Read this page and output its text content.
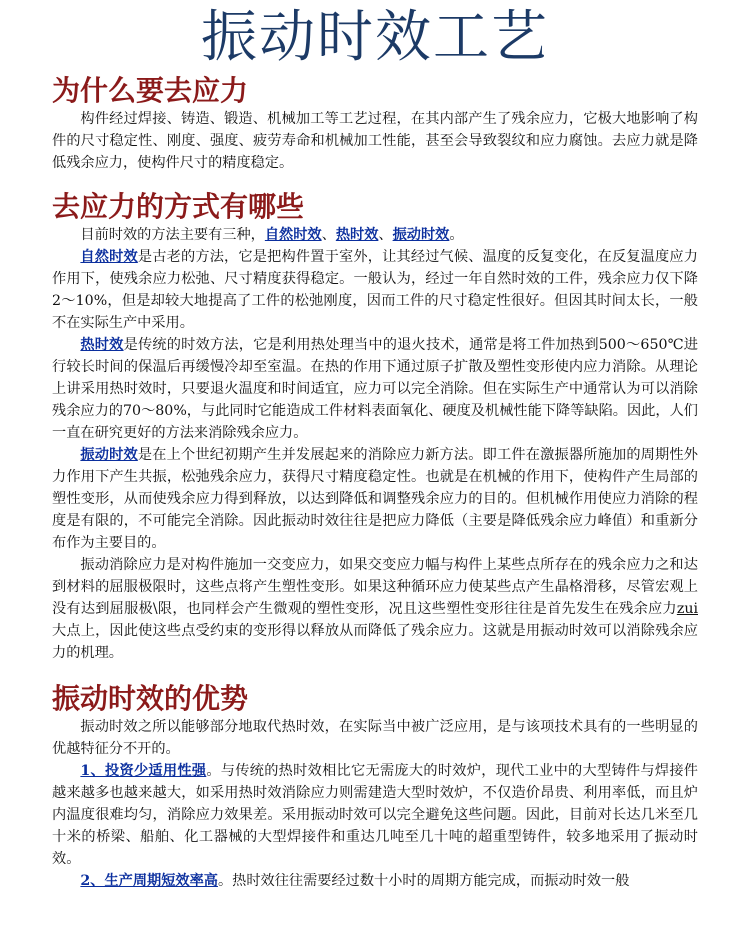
振动时效工艺
为什么要去应力

构件经过焊接、铸造、锻造、机械加工等工艺过程，在其内部产生了残余应力，它极大地影响了构件的尺寸稳定性、刚度、强度、疲劳寿命和机械加工性能，甚至会导致裂纹和应力腐蚀。去应力就是降低残余应力，使构件尺寸的精度稳定。

去应力的方式有哪些

目前时效的方法主要有三种，自然时效、热时效、振动时效。

自然时效是古老的方法，它是把构件置于室外，让其经过气候、温度的反复变化，在反复温度应力作用下，使残余应力松弛、尺寸精度获得稳定。一般认为，经过一年自然时效的工件，残余应力仅下降2～10%，但是却较大地提高了工件的松弛刚度，因而工件的尺寸稳定性很好。但因其时间太长，一般不在实际生产中采用。

热时效是传统的时效方法，它是利用热处理当中的退火技术，通常是将工件加热到500～650℃进行较长时间的保温后再缓慢冷却至室温。在热的作用下通过原子扩散及塑性变形使内应力消除。从理论上讲采用热时效时，只要退火温度和时间适宜，应力可以完全消除。但在实际生产中通常认为可以消除残余应力的70～80%，与此同时它能造成工件材料表面氧化、硬度及机械性能下降等缺陷。因此，人们一直在研究更好的方法来消除残余应力。

振动时效是在上个世纪初期产生并发展起来的消除应力新方法。即工件在激振器所施加的周期性外力作用下产生共振，松弛残余应力，获得尺寸精度稳定性。也就是在机械的作用下，使构件产生局部的塑性变形，从而使残余应力得到释放，以达到降低和调整残余应力的目的。但机械作用使应力消除的程度是有限的，不可能完全消除。因此振动时效往往是把应力降低（主要是降低残余应力峰值）和重新分布作为主要目的。

振动消除应力是对构件施加一交变应力，如果交变应力幅与构件上某些点所存在的残余应力之和达到材料的屈服极限时，这些点将产生塑性变形。如果这种循环应力使某些点产生晶格滑移，尽管宏观上没有达到屈服极\限，也同样会产生微观的塑性变形，况且这些塑性变形往往是首先发生在残余应力zui大点上，因此使这些点受约束的变形得以释放从而降低了残余应力。这就是用振动时效可以消除残余应力的机理。

振动时效的优势

振动时效之所以能够部分地取代热时效，在实际当中被广泛应用，是与该项技术具有的一些明显的优越特征分不开的。

1、投资少适用性强。与传统的热时效相比它无需庞大的时效炉，现代工业中的大型铸件与焊接件越来越多也越来越大，如采用热时效消除应力则需建造大型时效炉，不仅造价昂贵、利用率低，而且炉内温度很难均匀，消除应力效果差。采用振动时效可以完全避免这些问题。因此，目前对长达几米至几十米的桥梁、船舶、化工器械的大型焊接件和重达几吨至几十吨的超重型铸件，较多地采用了振动时效。

2、生产周期短效率高。热时效往往需要经过数十小时的周期方能完成，而振动时效一般
